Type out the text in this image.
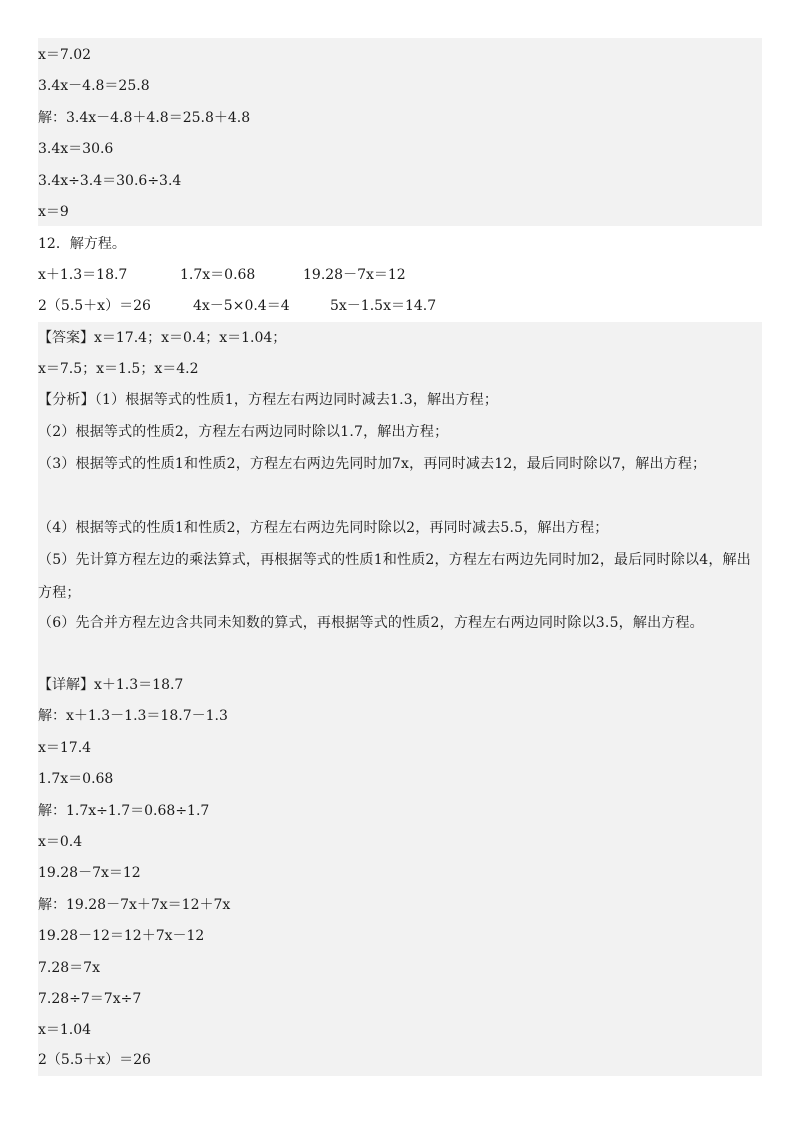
x＝7.02
3.4x－4.8＝25.8
解：3.4x－4.8＋4.8＝25.8＋4.8
3.4x＝30.6
3.4x÷3.4＝30.6÷3.4
x＝9
12．解方程。
x＋1.3＝18.7	1.7x＝0.68	19.28－7x＝12
2（5.5＋x）＝26	4x－5×0.4＝4	5x－1.5x＝14.7
【答案】x＝17.4；x＝0.4；x＝1.04；
x＝7.5；x＝1.5；x＝4.2
【分析】（1）根据等式的性质1，方程左右两边同时减去1.3，解出方程；
（2）根据等式的性质2，方程左右两边同时除以1.7，解出方程；
（3）根据等式的性质1和性质2，方程左右两边先同时加7x，再同时减去12，最后同时除以7，解出方程；
（4）根据等式的性质1和性质2，方程左右两边先同时除以2，再同时减去5.5，解出方程；
（5）先计算方程左边的乘法算式，再根据等式的性质1和性质2，方程左右两边先同时加2，最后同时除以4，解出方程；
（6）先合并方程左边含共同未知数的算式，再根据等式的性质2，方程左右两边同时除以3.5，解出方程。
【详解】x＋1.3＝18.7
解：x＋1.3－1.3＝18.7－1.3
x＝17.4
1.7x＝0.68
解：1.7x÷1.7＝0.68÷1.7
x＝0.4
19.28－7x＝12
解：19.28－7x＋7x＝12＋7x
19.28－12＝12＋7x－12
7.28＝7x
7.28÷7＝7x÷7
x＝1.04
2（5.5＋x）＝26
